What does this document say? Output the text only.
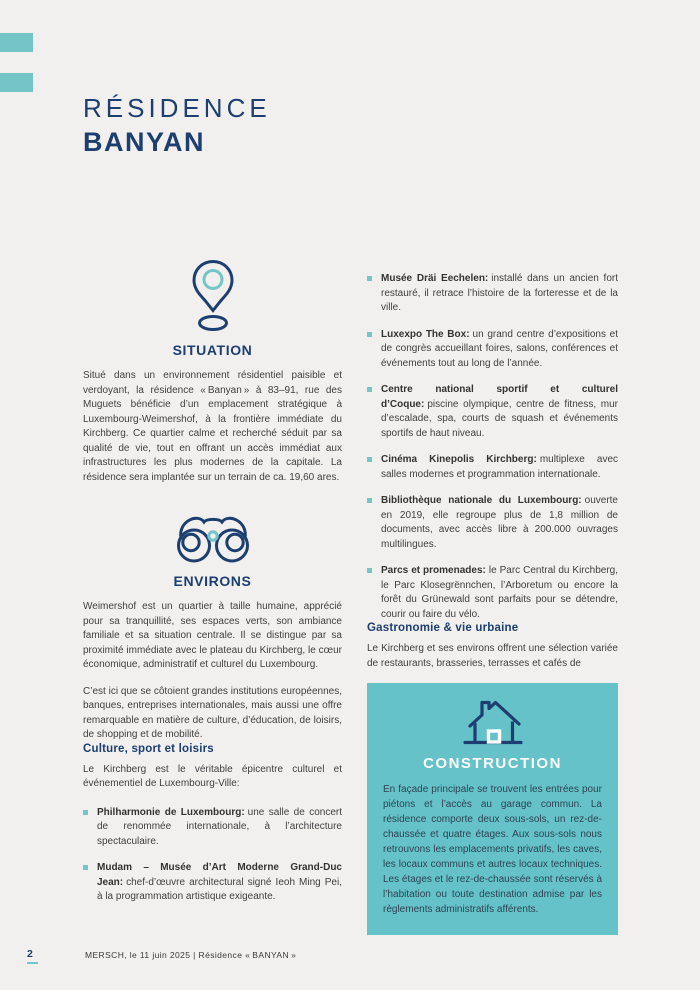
RÉSIDENCE
BANYAN
SITUATION

Situé dans un environnement résidentiel paisible et verdoyant, la résidence « Banyan » à 83–91, rue des Muguets bénéficie d’un emplacement stratégique à Luxembourg-Weimershof, à la frontière immédiate du Kirchberg. Ce quartier calme et recherché séduit par sa qualité de vie, tout en offrant un accès immédiat aux infrastructures les plus modernes de la capitale. La résidence sera implantée sur un terrain de ca. 19,60 ares.

ENVIRONS

Weimershof est un quartier à taille humaine, apprécié pour sa tranquillité, ses espaces verts, son ambiance familiale et sa situation centrale. Il se distingue par sa proximité immédiate avec le plateau du Kirchberg, le cœur économique, administratif et culturel du Luxembourg.

C’est ici que se côtoient grandes institutions européennes, banques, entreprises internationales, mais aussi une offre remarquable en matière de culture, d’éducation, de loisirs, de shopping et de mobilité.

Culture, sport et loisirs

Le Kirchberg est le véritable épicentre culturel et événementiel de Luxembourg-Ville:

Philharmonie de Luxembourg: une salle de concert de renommée internationale, à l’architecture spectaculaire.
Mudam – Musée d’Art Moderne Grand-Duc Jean: chef-d’œuvre architectural signé Ieoh Ming Pei, à la programmation artistique exigeante.
Musée Dräi Eechelen: installé dans un ancien fort restauré, il retrace l’histoire de la forteresse et de la ville.
Luxexpo The Box: un grand centre d’expositions et de congrès accueillant foires, salons, conférences et événements tout au long de l’année.
Centre national sportif et culturel d’Coque: piscine olympique, centre de fitness, mur d’escalade, spa, courts de squash et événements sportifs de haut niveau.
Cinéma Kinepolis Kirchberg: multiplexe avec salles modernes et programmation internationale.
Bibliothèque nationale du Luxembourg: ouverte en 2019, elle regroupe plus de 1,8 million de documents, avec accès libre à 200.000 ouvrages multilingues.
Parcs et promenades: le Parc Central du Kirchberg, le Parc Klosegrënnchen, l’Arboretum ou encore la forêt du Grünewald sont parfaits pour se détendre, courir ou faire du vélo.
Gastronomie & vie urbaine

Le Kirchberg et ses environs offrent une sélection variée de restaurants, brasseries, terrasses et cafés de

CONSTRUCTION

En façade principale se trouvent les entrées pour piétons et l’accès au garage commun. La résidence comporte deux sous-sols, un rez-de-chaussée et quatre étages. Aux sous-sols nous retrouvons les emplacements privatifs, les caves, les locaux communs et autres locaux techniques. Les étages et le rez-de-chaussée sont réservés à l’habitation ou toute destination admise par les règlements administratifs afférents.

2	MERSCH, le 11 juin 2025 | Résidence « BANYAN »
